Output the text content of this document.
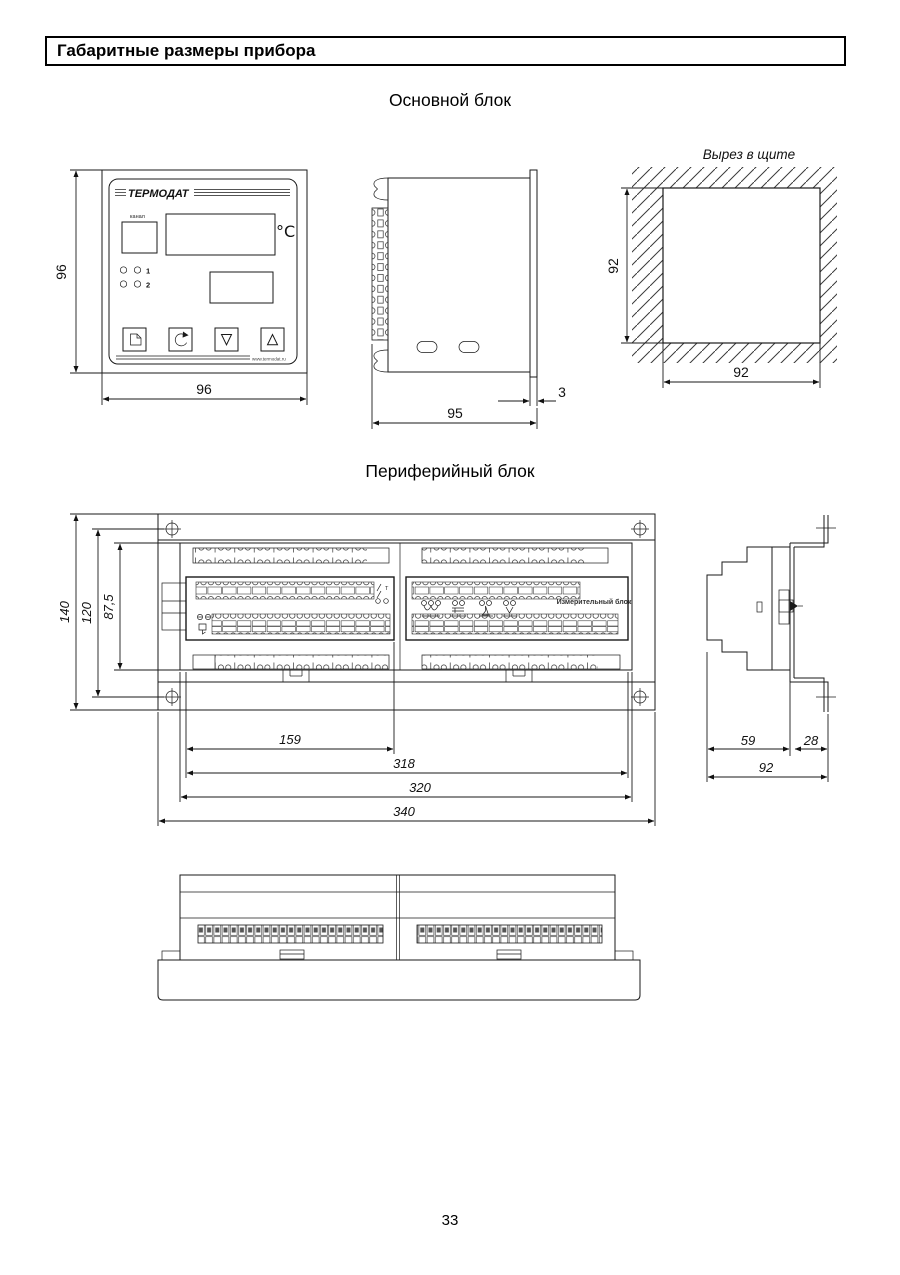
Габаритные размеры прибора
Основной блок
Периферийный блок
ТЕРМОДАТ
канал
°C
1
2
www.termodat.ru
96
96	3
95
Вырез в щите
92
92
T
Измерительный блок
140 120 87,5
159
318
320
340
59	28
92
33
